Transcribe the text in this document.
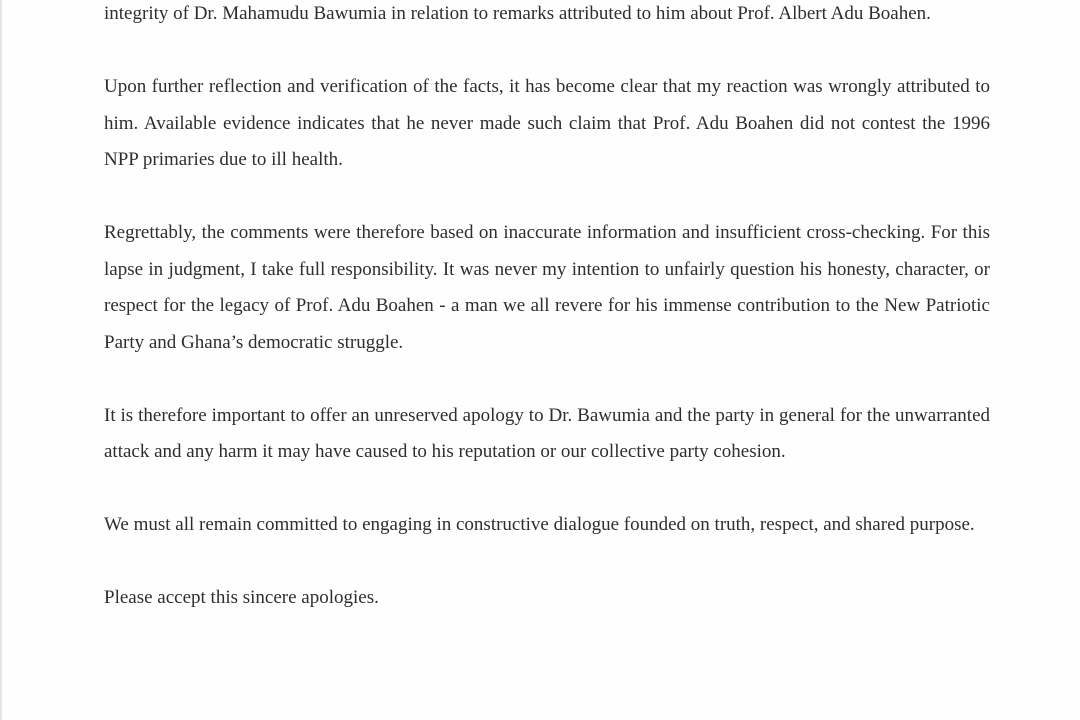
integrity of Dr. Mahamudu Bawumia in relation to remarks attributed to him about Prof. Albert Adu Boahen.

Upon further reflection and verification of the facts, it has become clear that my reaction was wrongly attributed to him. Available evidence indicates that he never made such claim that Prof. Adu Boahen did not contest the 1996 NPP primaries due to ill health.

Regrettably, the comments were therefore based on inaccurate information and insufficient cross-checking. For this lapse in judgment, I take full responsibility. It was never my intention to unfairly question his honesty, character, or respect for the legacy of Prof. Adu Boahen - a man we all revere for his immense contribution to the New Patriotic Party and Ghana’s democratic struggle.

It is therefore important to offer an unreserved apology to Dr. Bawumia and the party in general for the unwarranted attack and any harm it may have caused to his reputation or our collective party cohesion.

We must all remain committed to engaging in constructive dialogue founded on truth, respect, and shared purpose.

Please accept this sincere apologies.
